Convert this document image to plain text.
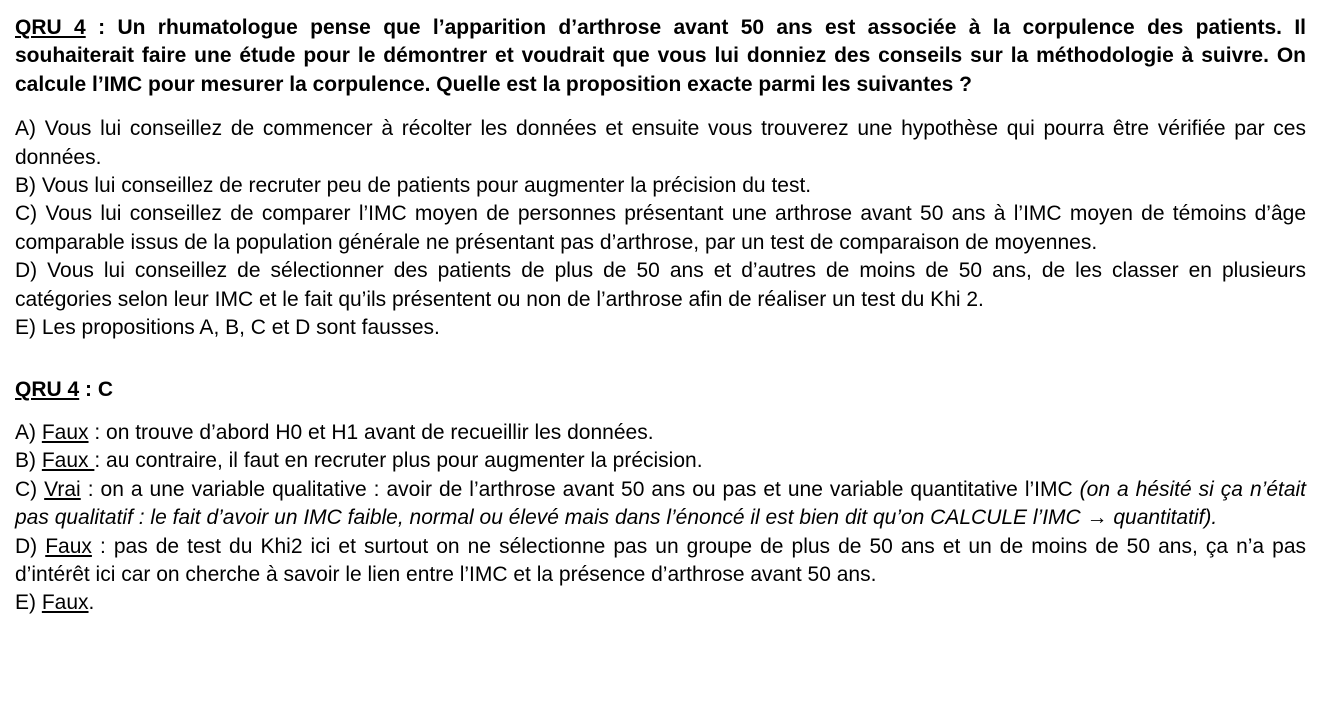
QRU 4 : Un rhumatologue pense que l’apparition d’arthrose avant 50 ans est associée à la corpulence des patients. Il souhaiterait faire une étude pour le démontrer et voudrait que vous lui donniez des conseils sur la méthodologie à suivre. On calcule l’IMC pour mesurer la corpulence. Quelle est la proposition exacte parmi les suivantes ?

A) Vous lui conseillez de commencer à récolter les données et ensuite vous trouverez une hypothèse qui pourra être vérifiée par ces données.

B) Vous lui conseillez de recruter peu de patients pour augmenter la précision du test.

C) Vous lui conseillez de comparer l’IMC moyen de personnes présentant une arthrose avant 50 ans à l’IMC moyen de témoins d’âge comparable issus de la population générale ne présentant pas d’arthrose, par un test de comparaison de moyennes.

D) Vous lui conseillez de sélectionner des patients de plus de 50 ans et d’autres de moins de 50 ans, de les classer en plusieurs catégories selon leur IMC et le fait qu’ils présentent ou non de l’arthrose afin de réaliser un test du Khi 2.

E) Les propositions A, B, C et D sont fausses.

QRU 4 : C

A) Faux : on trouve d’abord H0 et H1 avant de recueillir les données.

B) Faux : au contraire, il faut en recruter plus pour augmenter la précision.

C) Vrai : on a une variable qualitative : avoir de l’arthrose avant 50 ans ou pas et une variable quantitative l’IMC (on a hésité si ça n’était pas qualitatif : le fait d’avoir un IMC faible, normal ou élevé mais dans l’énoncé il est bien dit qu’on CALCULE l’IMC → quantitatif).

D) Faux : pas de test du Khi2 ici et surtout on ne sélectionne pas un groupe de plus de 50 ans et un de moins de 50 ans, ça n’a pas d’intérêt ici car on cherche à savoir le lien entre l’IMC et la présence d’arthrose avant 50 ans.

E) Faux.
